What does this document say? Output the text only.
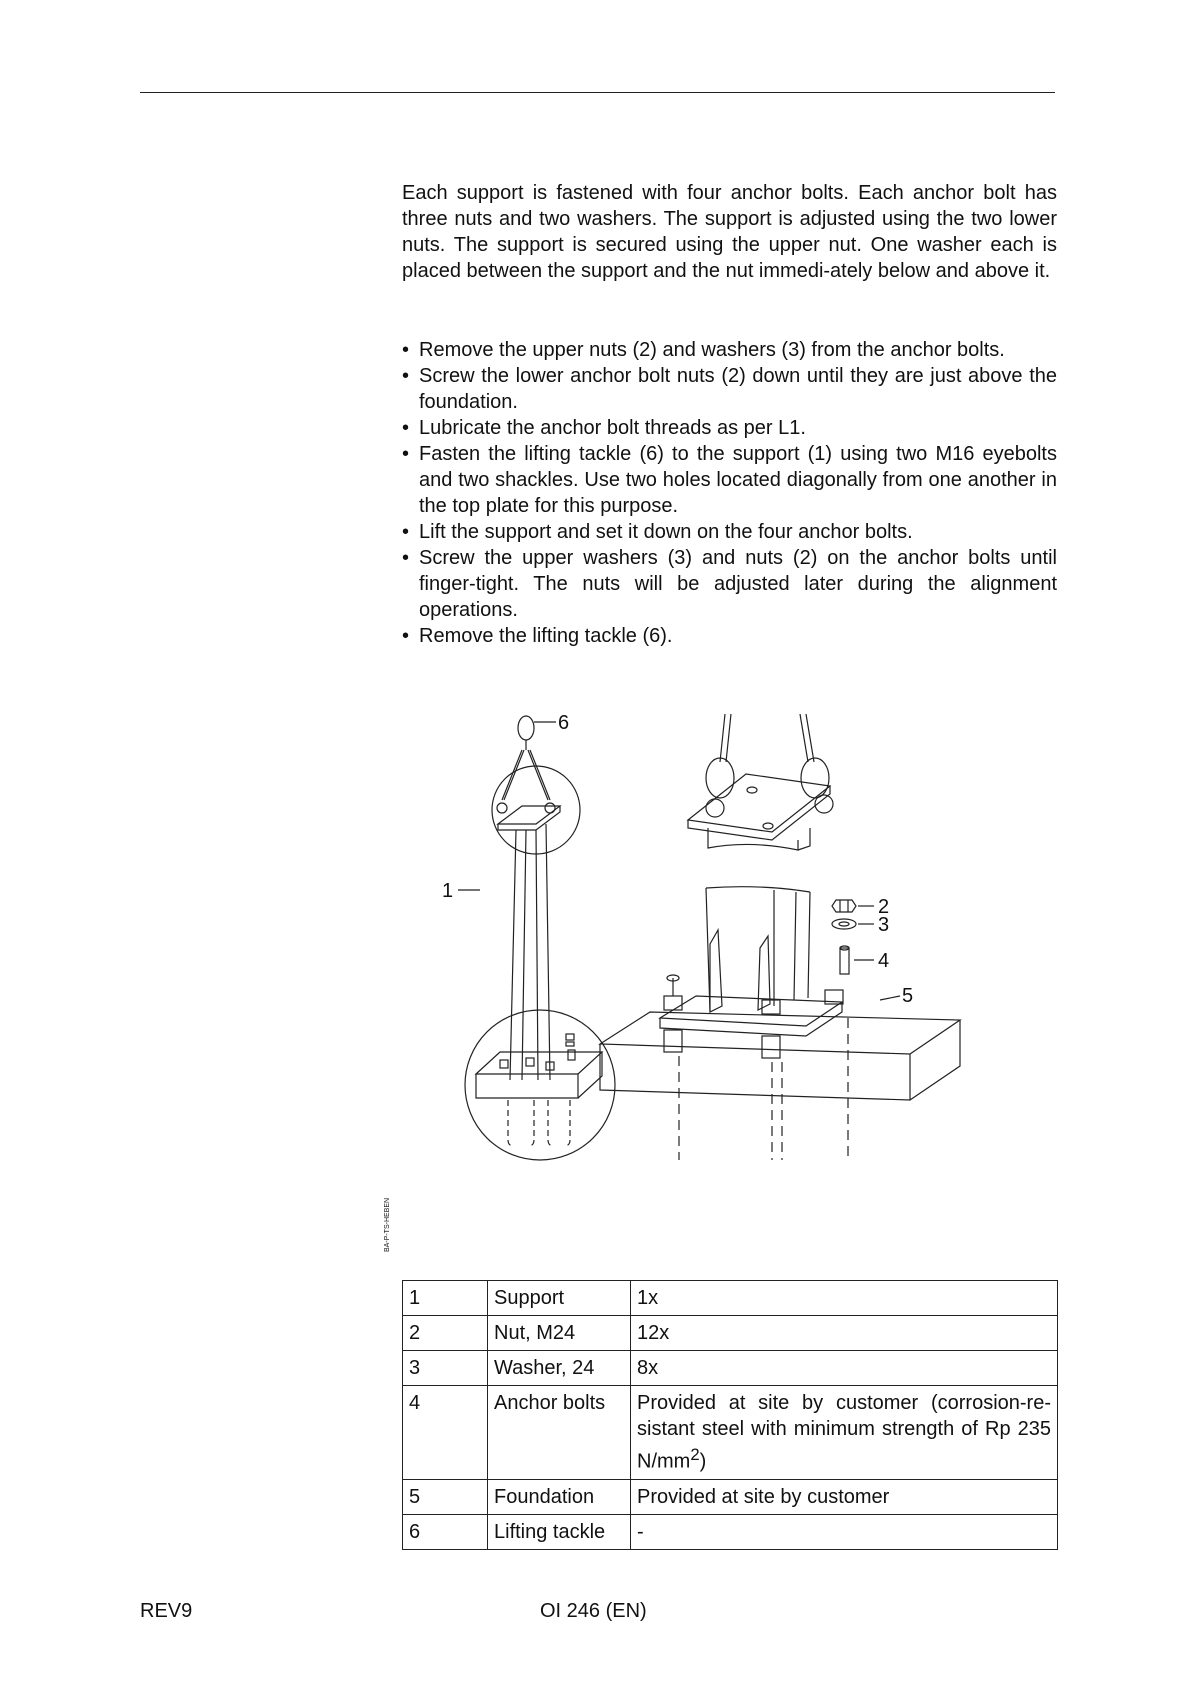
Each support is fastened with four anchor bolts. Each anchor bolt has three nuts and two washers. The support is adjusted using the two lower nuts. The support is secured using the upper nut. One washer each is placed between the support and the nut immedi-ately below and above it.

• Remove the upper nuts (2) and washers (3) from the anchor bolts.
• Screw the lower anchor bolt nuts (2) down until they are just above the foundation.
• Lubricate the anchor bolt threads as per L1.
• Fasten the lifting tackle (6) to the support (1) using two M16 eyebolts and two shackles. Use two holes located diagonally from one another in the top plate for this purpose.
• Lift the support and set it down on the four anchor bolts.
• Screw the upper washers (3) and nuts (2) on the anchor bolts until finger-tight. The nuts will be adjusted later during the alignment operations.
• Remove the lifting tackle (6).
BA-P-TS-HEBEN
6
1
2
3
4
5
1	Support	1x
2	Nut, M24	12x
3	Washer, 24	8x
4	Anchor bolts	Provided at site by customer (corrosion-re-sistant steel with minimum strength of Rp 235 $N/mm^2$)
5	Foundation	Provided at site by customer
6	Lifting tackle	-
REV9	OI 246 (EN)
